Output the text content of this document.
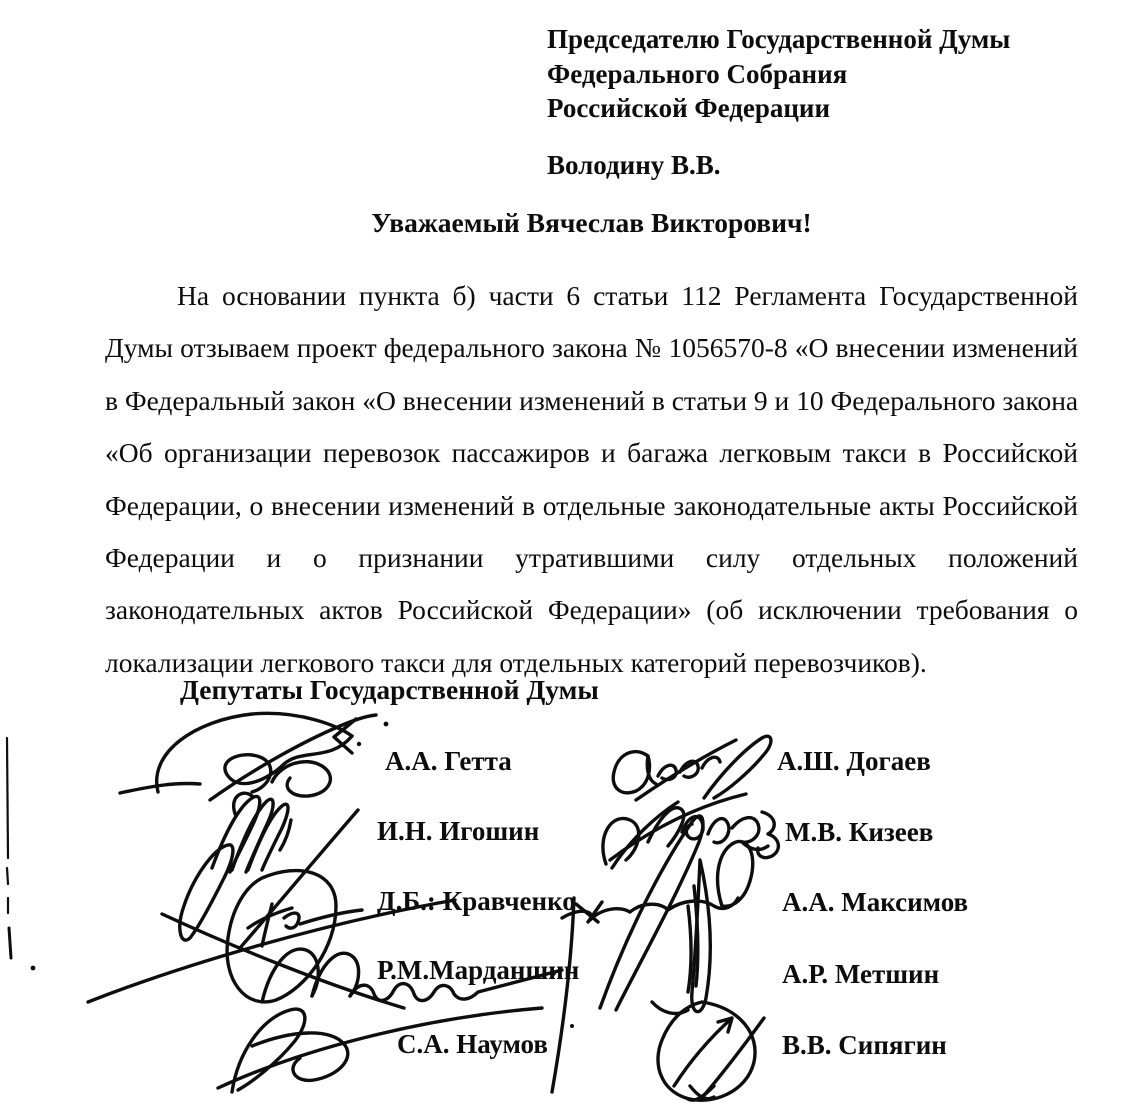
Председателю Государственной Думы
Федерального Собрания
Российской Федерации
Володину В.В.
Уважаемый Вячеслав Викторович!
На основании пункта б) части 6 статьи 112 Регламента Государственной
Думы отзываем проект федерального закона № 1056570-8 «О внесении изменений
в Федеральный закон «О внесении изменений в статьи 9 и 10 Федерального закона
«Об организации перевозок пассажиров и багажа легковым такси в Российской
Федерации, о внесении изменений в отдельные законодательные акты Российской
Федерации и о признании утратившими силу отдельных положений
законодательных актов Российской Федерации» (об исключении требования о
локализации легкового такси для отдельных категорий перевозчиков).
Депутаты Государственной Думы
А.А. Гетта
И.Н. Игошин
Д.Б.: Кравченко
Р.М.Марданшин
С.А. Наумов
А.Ш. Догаев
М.В. Кизеев
А.А. Максимов
А.Р. Метшин
В.В. Сипягин
